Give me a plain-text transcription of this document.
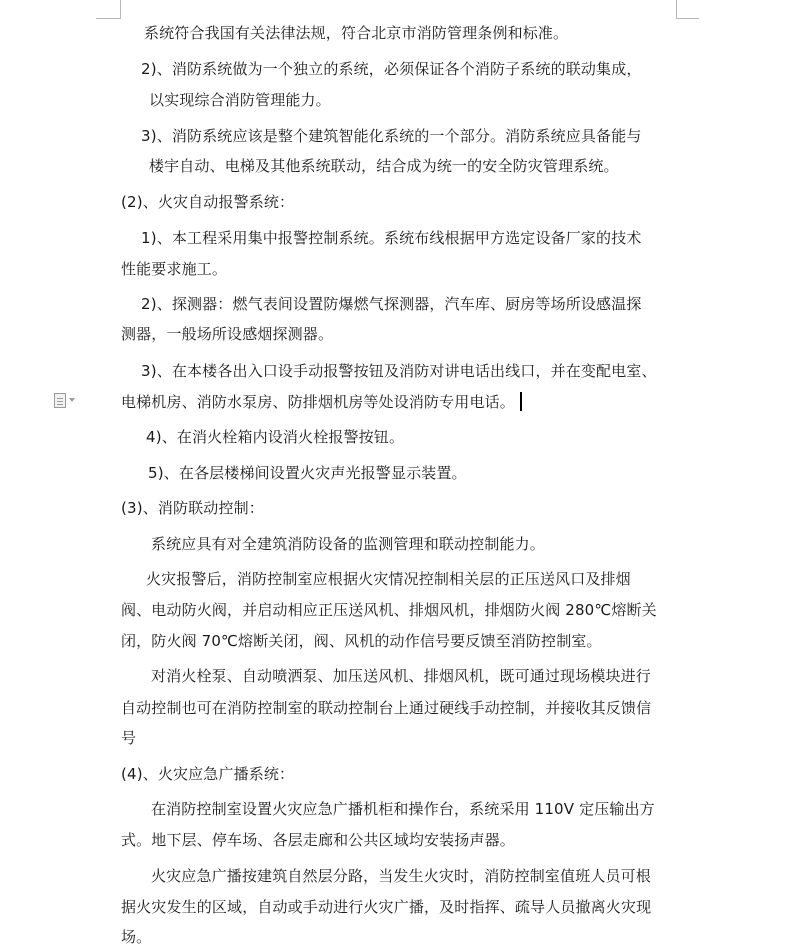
系统符合我国有关法律法规，符合北京市消防管理条例和标准。
2)、消防系统做为一个独立的系统，必须保证各个消防子系统的联动集成，
以实现综合消防管理能力。
3)、消防系统应该是整个建筑智能化系统的一个部分。消防系统应具备能与
楼宇自动、电梯及其他系统联动，结合成为统一的安全防灾管理系统。
(2)、火灾自动报警系统：
1)、本工程采用集中报警控制系统。系统布线根据甲方选定设备厂家的技术
性能要求施工。
2)、探测器：燃气表间设置防爆燃气探测器，汽车库、厨房等场所设感温探
测器，一般场所设感烟探测器。
3)、在本楼各出入口设手动报警按钮及消防对讲电话出线口，并在变配电室、
电梯机房、消防水泵房、防排烟机房等处设消防专用电话。
4)、在消火栓箱内设消火栓报警按钮。
5)、在各层楼梯间设置火灾声光报警显示装置。
(3)、消防联动控制：
系统应具有对全建筑消防设备的监测管理和联动控制能力。
火灾报警后，消防控制室应根据火灾情况控制相关层的正压送风口及排烟
阀、电动防火阀，并启动相应正压送风机、排烟风机，排烟防火阀 280℃熔断关
闭，防火阀 70℃熔断关闭，阀、风机的动作信号要反馈至消防控制室。
对消火栓泵、自动喷洒泵、加压送风机、排烟风机，既可通过现场模块进行
自动控制也可在消防控制室的联动控制台上通过硬线手动控制，并接收其反馈信
号
(4)、火灾应急广播系统：
在消防控制室设置火灾应急广播机柜和操作台，系统采用 110V 定压输出方
式。地下层、停车场、各层走廊和公共区域均安装扬声器。
火灾应急广播按建筑自然层分路，当发生火灾时，消防控制室值班人员可根
据火灾发生的区域，自动或手动进行火灾广播，及时指挥、疏导人员撤离火灾现
场。
